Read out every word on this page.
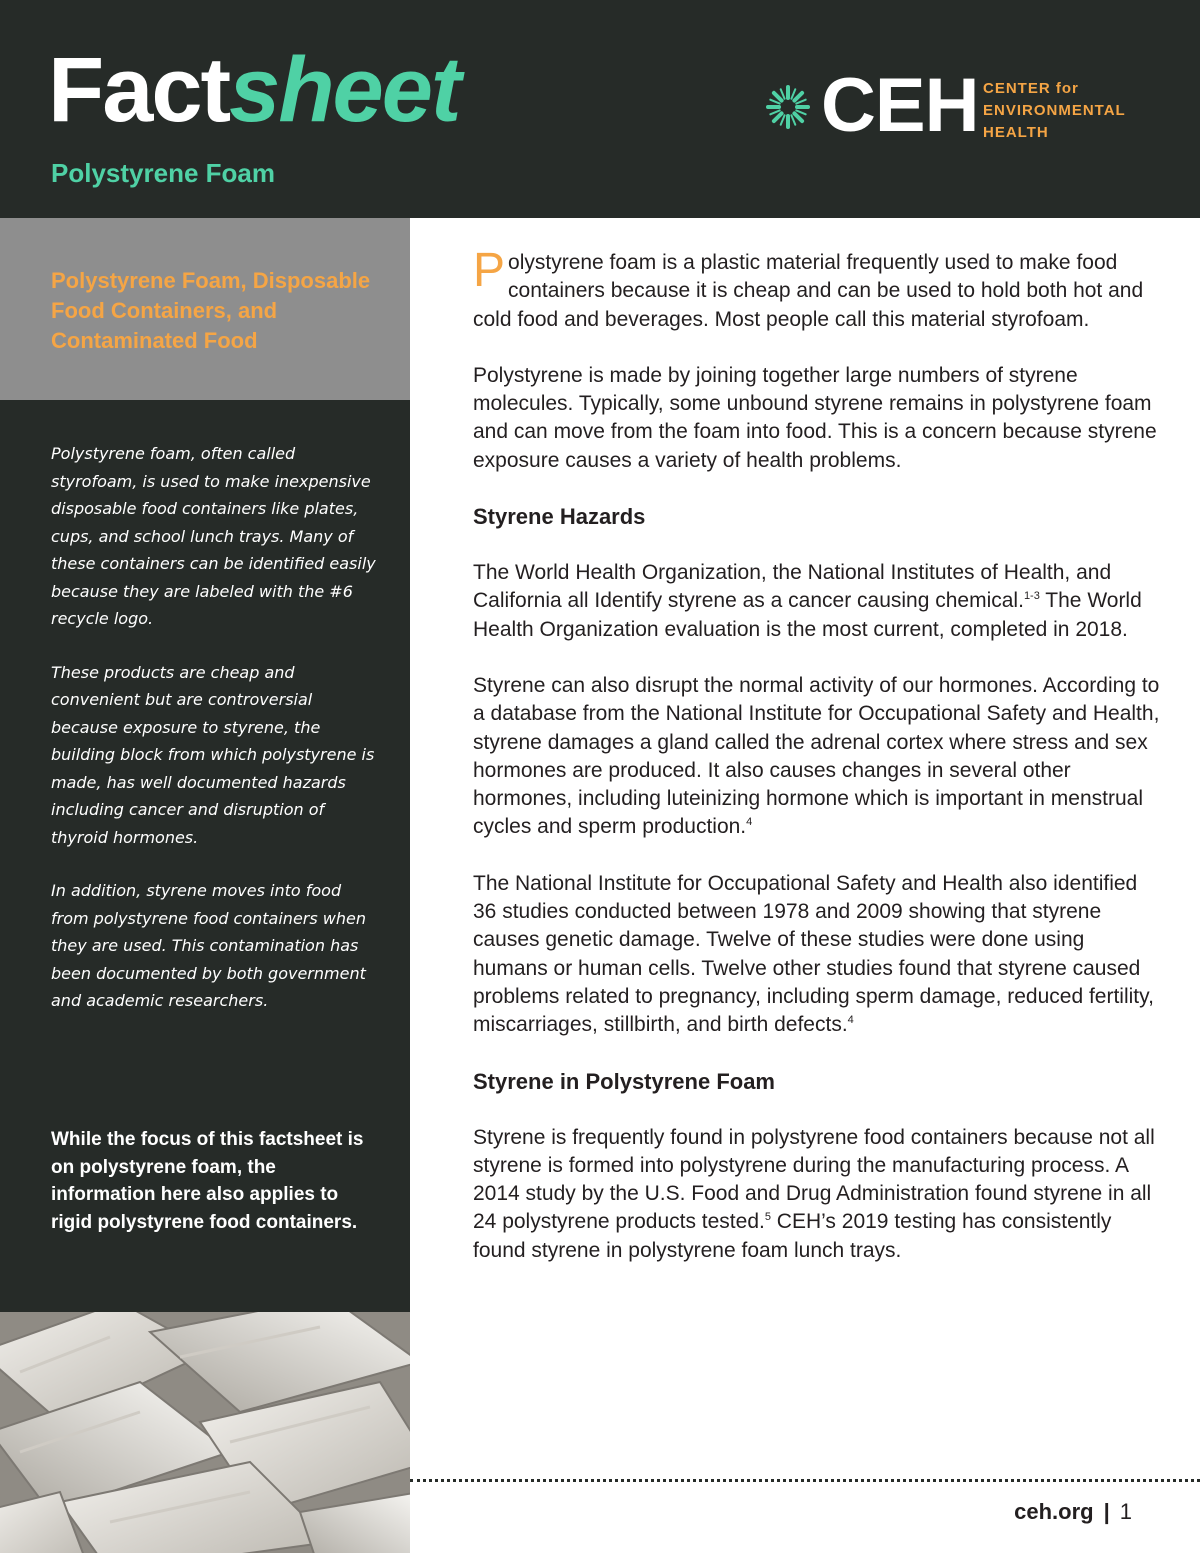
Factsheet
Polystyrene Foam
CEH CENTER for
ENVIRONMENTAL
HEALTH
Polystyrene Foam, Disposable Food Containers, and Contaminated Food

Polystyrene foam, often called styrofoam, is used to make inexpensive disposable food containers like plates, cups, and school lunch trays. Many of these containers can be identified easily because they are labeled with the #6 recycle logo.

These products are cheap and convenient but are controversial because exposure to styrene, the building block from which polystyrene is made, has well documented hazards including cancer and disruption of thyroid hormones.

In addition, styrene moves into food from polystyrene food containers when they are used. This contamination has been documented by both government and academic researchers.

While the focus of this factsheet is on polystyrene foam, the information here also applies to rigid polystyrene food containers.

Polystyrene foam is a plastic material frequently used to make food containers because it is cheap and can be used to hold both hot and cold food and beverages. Most people call this material styrofoam.

Polystyrene is made by joining together large numbers of styrene molecules. Typically, some unbound styrene remains in polystyrene foam and can move from the foam into food. This is a concern because styrene exposure causes a variety of health problems.

Styrene Hazards

The World Health Organization, the National Institutes of Health, and California all Identify styrene as a cancer causing chemical.$^{1-3}$ The World Health Organization evaluation is the most current, completed in 2018.

Styrene can also disrupt the normal activity of our hormones. According to a database from the National Institute for Occupational Safety and Health, styrene damages a gland called the adrenal cortex where stress and sex hormones are produced. It also causes changes in several other hormones, including luteinizing hormone which is important in menstrual cycles and sperm production.$^4$

The National Institute for Occupational Safety and Health also identified 36 studies conducted between 1978 and 2009 showing that styrene causes genetic damage. Twelve of these studies were done using humans or human cells. Twelve other studies found that styrene caused problems related to pregnancy, including sperm damage, reduced fertility, miscarriages, stillbirth, and birth defects.$^4$

Styrene in Polystyrene Foam

Styrene is frequently found in polystyrene food containers because not all styrene is formed into polystyrene during the manufacturing process. A 2014 study by the U.S. Food and Drug Administration found styrene in all 24 polystyrene products tested.$^5$ CEH’s 2019 testing has consistently found styrene in polystyrene foam lunch trays.

ceh.org | 1
